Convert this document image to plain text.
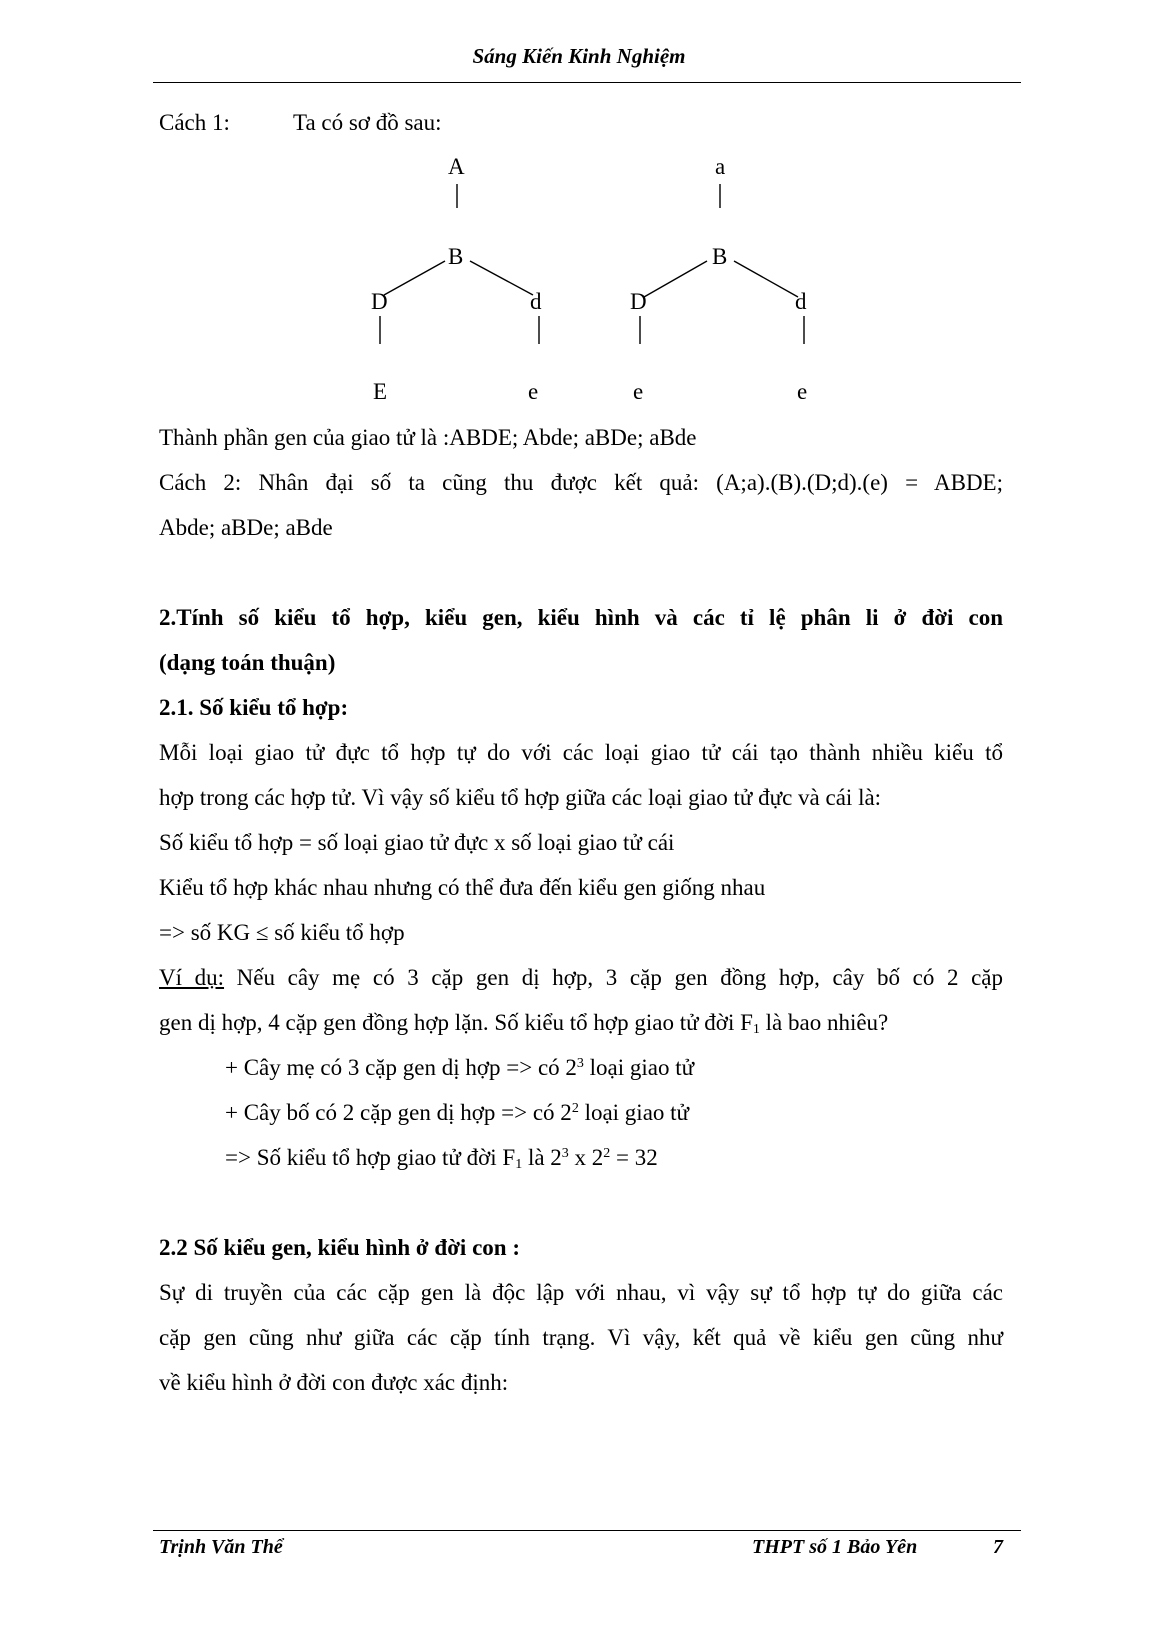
Sáng Kiến Kinh Nghiệm
Cách 1:	Ta có sơ đồ sau:
A
B
D	d
E	e
a
B
D	d
e	e
Thành phần gen của giao tử là :ABDE; Abde; aBDe; aBde
Cách 2: Nhân đại số ta cũng thu được kết quả: (A;a).(B).(D;d).(e) = ABDE;
Abde; aBDe; aBde
2.Tính số kiểu tổ hợp, kiểu gen, kiểu hình và các tỉ lệ phân li ở đời con
(dạng toán thuận)
2.1. Số kiểu tổ hợp:
Mỗi loại giao tử đực tổ hợp tự do với các loại giao tử cái tạo thành nhiều kiểu tổ
hợp trong các hợp tử. Vì vậy số kiểu tổ hợp giữa các loại giao tử đực và cái là:
Số kiểu tổ hợp = số loại giao tử đực x số loại giao tử cái
Kiểu tổ hợp khác nhau nhưng có thể đưa đến kiểu gen giống nhau
=> số KG ≤ số kiểu tổ hợp
Ví dụ: Nếu cây mẹ có 3 cặp gen dị hợp, 3 cặp gen đồng hợp, cây bố có 2 cặp
gen dị hợp, 4 cặp gen đồng hợp lặn. Số kiểu tổ hợp giao tử đời $F_1$ là bao nhiêu?
+ Cây mẹ có 3 cặp gen dị hợp => có $2^3$ loại giao tử
+ Cây bố có 2 cặp gen dị hợp => có $2^2$ loại giao tử
=> Số kiểu tổ hợp giao tử đời $F_1$ là $2^3$ x $2^2 = 32$
2.2 Số kiểu gen, kiểu hình ở đời con :
Sự di truyền của các cặp gen là độc lập với nhau, vì vậy sự tổ hợp tự do giữa các
cặp gen cũng như giữa các cặp tính trạng. Vì vậy, kết quả về kiểu gen cũng như
về kiểu hình ở đời con được xác định:
Trịnh Văn Thể	THPT số 1 Bảo Yên	7
